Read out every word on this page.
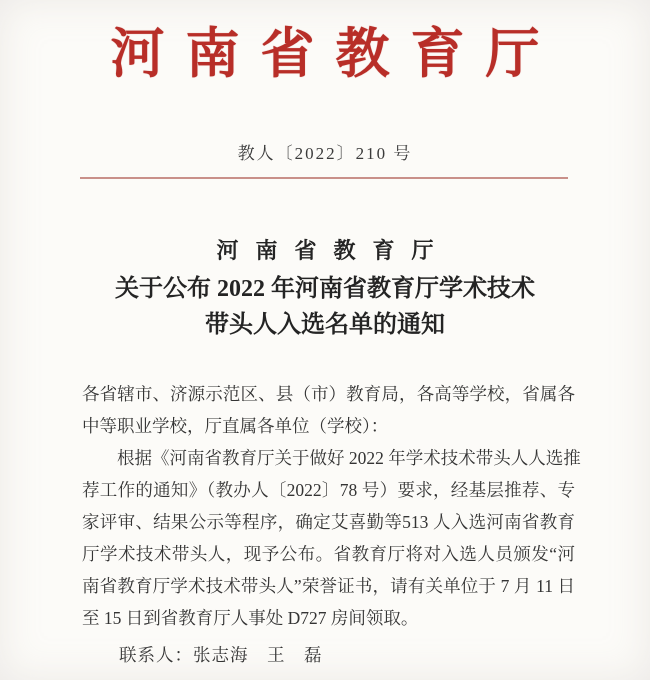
河南省教育厅
教人〔2022〕210 号
河南省教育厅
关于公布 2022 年河南省教育厅学术技术
带头人入选名单的通知
各省辖市、济源示范区、县（市）教育局，各高等学校，省属各
中等职业学校，厅直属各单位（学校）：
　　根据《河南省教育厅关于做好 2022 年学术技术带头人人选推
荐工作的通知》（教办人〔2022〕78 号）要求，经基层推荐、专
家评审、结果公示等程序，确定艾喜勤等513 人入选河南省教育
厅学术技术带头人，现予公布。省教育厅将对入选人员颁发“河
南省教育厅学术技术带头人”荣誉证书，请有关单位于 7 月 11 日
至 15 日到省教育厅人事处 D727 房间领取。
　　联系人：张志海　王　磊
